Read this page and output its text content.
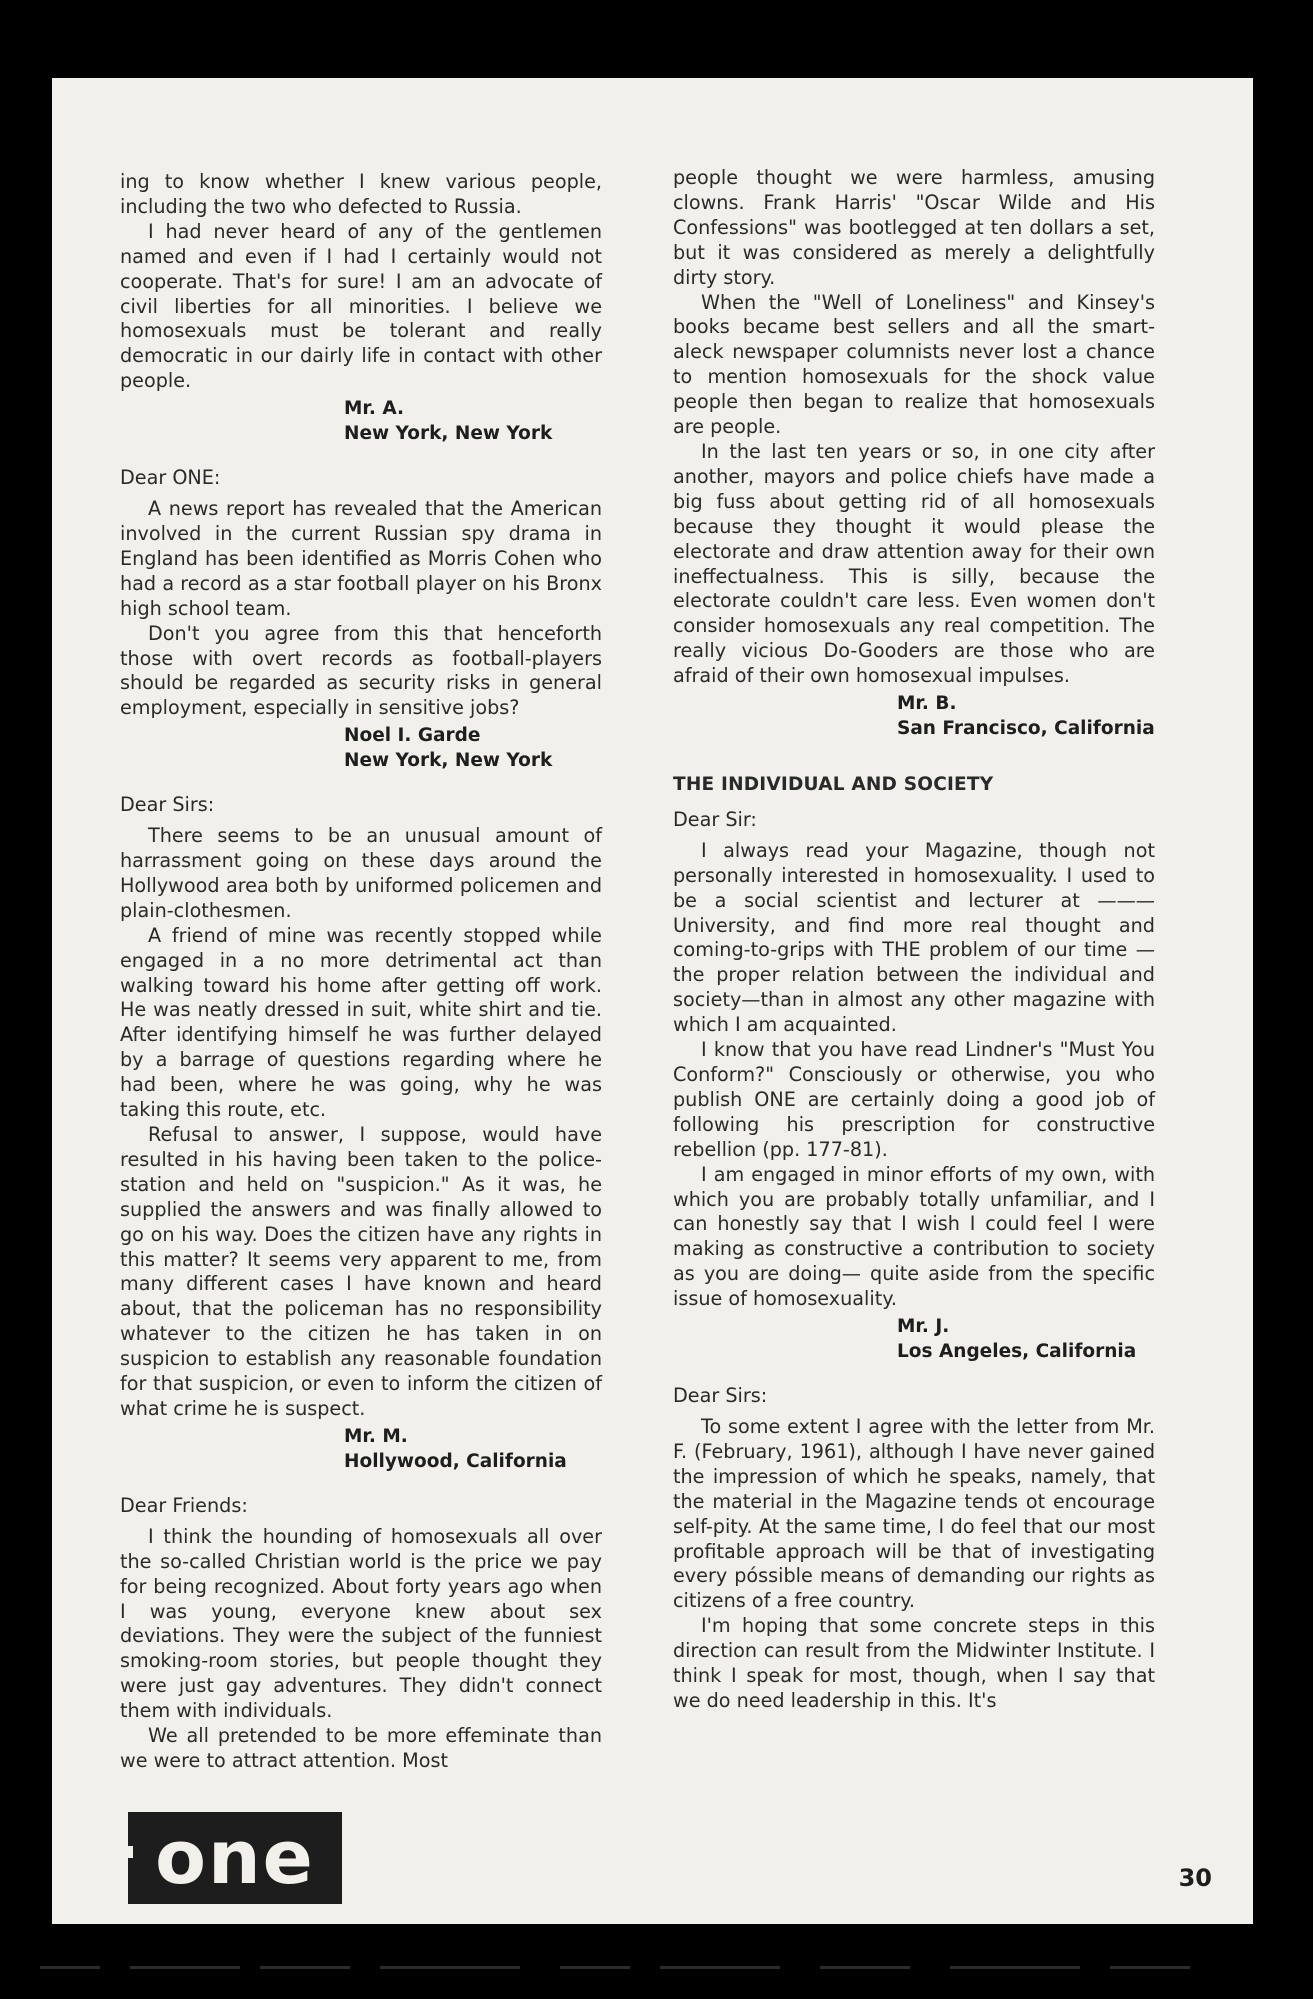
ing to know whether I knew various people, including the two who defected to Russia.

I had never heard of any of the gentlemen named and even if I had I certainly would not cooperate. That's for sure! I am an advocate of civil liberties for all minorities. I believe we homosexuals must be tolerant and really democratic in our dairly life in contact with other people.

Mr. A.
New York, New York

Dear ONE:

A news report has revealed that the American involved in the current Russian spy drama in England has been identified as Morris Cohen who had a record as a star football player on his Bronx high school team.

Don't you agree from this that henceforth those with overt records as football-players should be regarded as security risks in general employment, especially in sensitive jobs?

Noel I. Garde
New York, New York

Dear Sirs:

There seems to be an unusual amount of harrassment going on these days around the Hollywood area both by uniformed policemen and plain-clothesmen.

A friend of mine was recently stopped while engaged in a no more detrimental act than walking toward his home after getting off work. He was neatly dressed in suit, white shirt and tie. After identifying himself he was further delayed by a barrage of questions regarding where he had been, where he was going, why he was taking this route, etc.

Refusal to answer, I suppose, would have resulted in his having been taken to the police-station and held on "suspicion." As it was, he supplied the answers and was finally allowed to go on his way. Does the citizen have any rights in this matter? It seems very apparent to me, from many different cases I have known and heard about, that the policeman has no responsibility whatever to the citizen he has taken in on suspicion to establish any reasonable foundation for that suspicion, or even to inform the citizen of what crime he is suspect.

Mr. M.
Hollywood, California

Dear Friends:

I think the hounding of homosexuals all over the so-called Christian world is the price we pay for being recognized. About forty years ago when I was young, everyone knew about sex deviations. They were the subject of the funniest smoking-room stories, but people thought they were just gay adventures. They didn't connect them with individuals.

We all pretended to be more effeminate than we were to attract attention. Most

people thought we were harmless, amusing clowns. Frank Harris' "Oscar Wilde and His Confessions" was bootlegged at ten dollars a set, but it was considered as merely a delightfully dirty story.

When the "Well of Loneliness" and Kinsey's books became best sellers and all the smart-aleck newspaper columnists never lost a chance to mention homosexuals for the shock value people then began to realize that homosexuals are people.

In the last ten years or so, in one city after another, mayors and police chiefs have made a big fuss about getting rid of all homosexuals because they thought it would please the electorate and draw attention away for their own ineffectualness. This is silly, because the electorate couldn't care less. Even women don't consider homosexuals any real competition. The really vicious Do-Gooders are those who are afraid of their own homosexual impulses.

Mr. B.
San Francisco, California

THE INDIVIDUAL AND SOCIETY

Dear Sir:

I always read your Magazine, though not personally interested in homosexuality. I used to be a social scientist and lecturer at ——— University, and find more real thought and coming-to-grips with THE problem of our time —the proper relation between the individual and society—than in almost any other magazine with which I am acquainted.

I know that you have read Lindner's "Must You Conform?" Consciously or otherwise, you who publish ONE are certainly doing a good job of following his prescription for constructive rebellion (pp. 177-81).

I am engaged in minor efforts of my own, with which you are probably totally unfamiliar, and I can honestly say that I wish I could feel I were making as constructive a contribution to society as you are doing— quite aside from the specific issue of homosexuality.

Mr. J.
Los Angeles, California

Dear Sirs:

To some extent I agree with the letter from Mr. F. (February, 1961), although I have never gained the impression of which he speaks, namely, that the material in the Magazine tends ot encourage self-pity. At the same time, I do feel that our most profitable approach will be that of investigating every póssible means of demanding our rights as citizens of a free country.

I'm hoping that some concrete steps in this direction can result from the Midwinter Institute. I think I speak for most, though, when I say that we do need leadership in this. It's

one	30
